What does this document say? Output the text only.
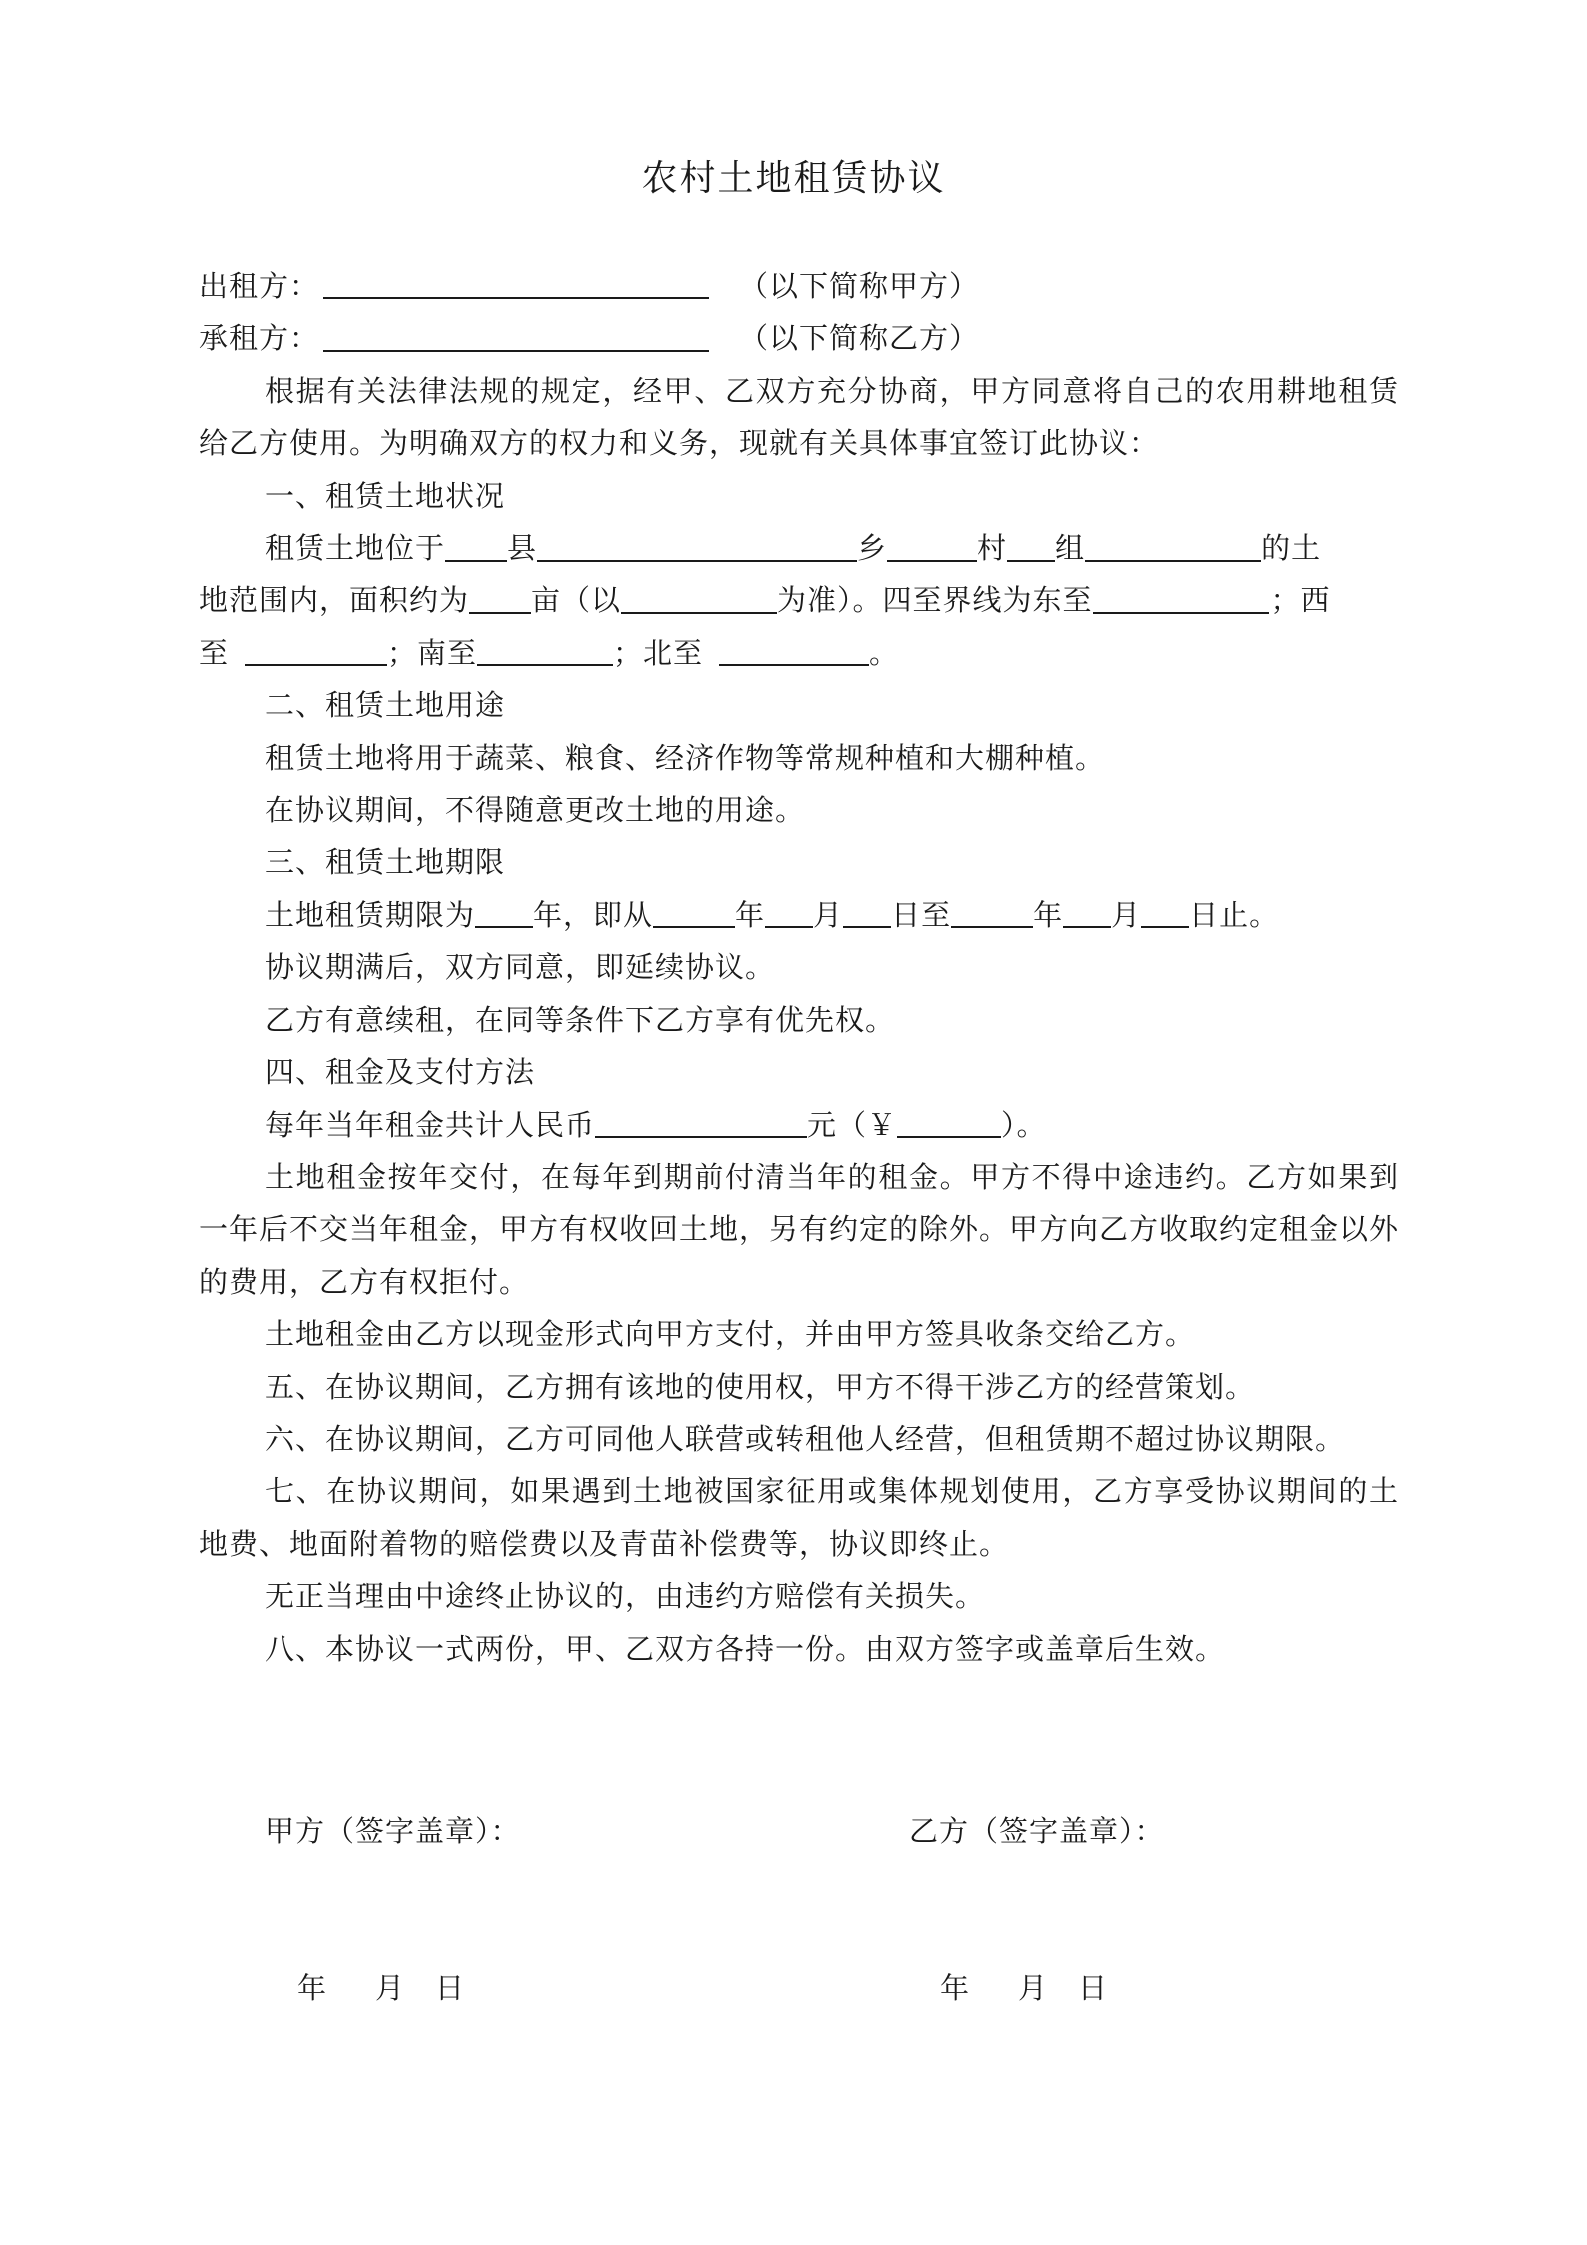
农村土地租赁协议

出租方：	（以下简称甲方）

承租方：	（以下简称乙方）

根据有关法律法规的规定，经甲、乙双方充分协商，甲方同意将自己的农用耕地租赁给乙方使用。为明确双方的权力和义务，现就有关具体事宜签订此协议：

一、租赁土地状况

租赁土地位于 县	乡	村 组	的土

地范围内，面积约为 亩（以	为准）。四至界线为东至	；西

至	；南至	；北至	。

二、租赁土地用途

租赁土地将用于蔬菜、粮食、经济作物等常规种植和大棚种植。

在协议期间，不得随意更改土地的用途。

三、租赁土地期限

土地租赁期限为 年，即从	年 月 日至	年 月 日止。

协议期满后，双方同意，即延续协议。

乙方有意续租，在同等条件下乙方享有优先权。

四、租金及支付方法

每年当年租金共计人民币	元（￥	）。

土地租金按年交付，在每年到期前付清当年的租金。甲方不得中途违约。乙方如果到一年后不交当年租金，甲方有权收回土地，另有约定的除外。甲方向乙方收取约定租金以外的费用，乙方有权拒付。

土地租金由乙方以现金形式向甲方支付，并由甲方签具收条交给乙方。

五、在协议期间，乙方拥有该地的使用权，甲方不得干涉乙方的经营策划。

六、在协议期间，乙方可同他人联营或转租他人经营，但租赁期不超过协议期限。

七、在协议期间，如果遇到土地被国家征用或集体规划使用，乙方享受协议期间的土地费、地面附着物的赔偿费以及青苗补偿费等，协议即终止。

无正当理由中途终止协议的，由违约方赔偿有关损失。

八、本协议一式两份，甲、乙双方各持一份。由双方签字或盖章后生效。

甲方（签字盖章）：	乙方（签字盖章）：
年 月 日	年 月 日
